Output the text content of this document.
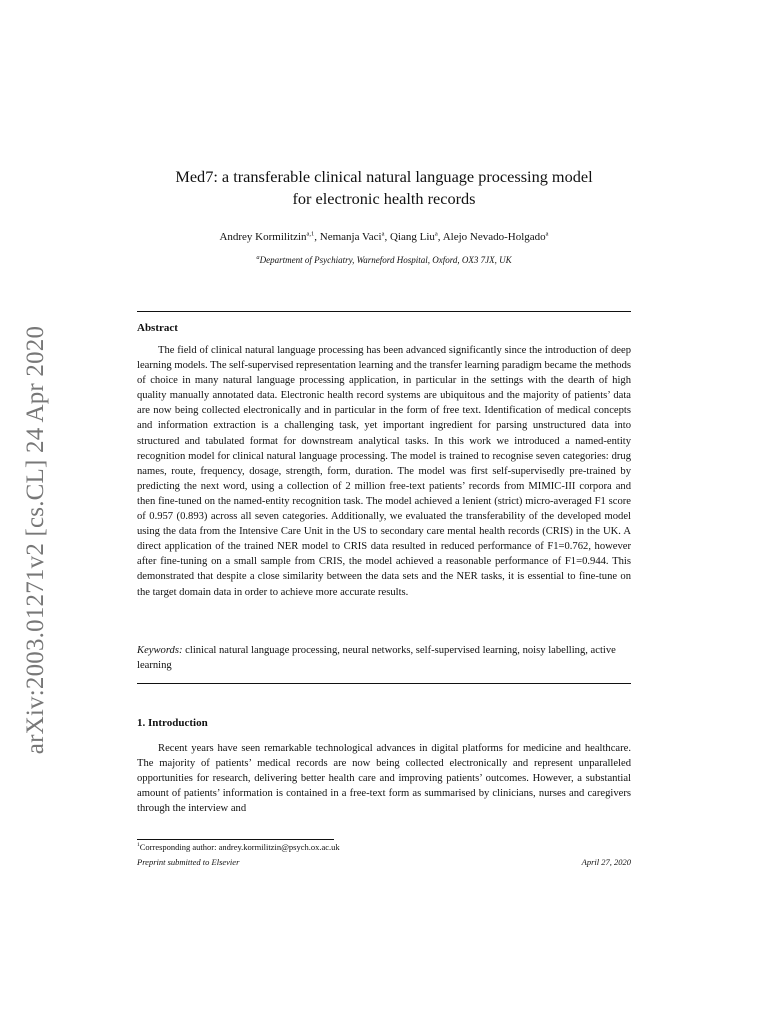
arXiv:2003.01271v2 [cs.CL] 24 Apr 2020
Med7: a transferable clinical natural language processing model
for electronic health records
Andrey Kormilitzin$^{a,1}$, Nemanja Vaci$^a$, Qiang Liu$^a$, Alejo Nevado-Holgado$^a$
$^a$Department of Psychiatry, Warneford Hospital, Oxford, OX3 7JX, UK
Abstract

The field of clinical natural language processing has been advanced significantly since the introduction of deep learning models. The self-supervised representation learning and the transfer learning paradigm became the methods of choice in many natural language processing application, in particular in the settings with the dearth of high quality manually annotated data. Electronic health record systems are ubiquitous and the majority of patients’ data are now being collected electronically and in particular in the form of free text. Identification of medical concepts and information extraction is a challenging task, yet important ingredient for parsing unstructured data into structured and tabulated format for downstream analytical tasks. In this work we introduced a named-entity recognition model for clinical natural language processing. The model is trained to recognise seven categories: drug names, route, frequency, dosage, strength, form, duration. The model was first self-supervisedly pre-trained by predicting the next word, using a collection of 2 million free-text patients’ records from MIMIC-III corpora and then fine-tuned on the named-entity recognition task. The model achieved a lenient (strict) micro-averaged F1 score of 0.957 (0.893) across all seven categories. Additionally, we evaluated the transferability of the developed model using the data from the Intensive Care Unit in the US to secondary care mental health records (CRIS) in the UK. A direct application of the trained NER model to CRIS data resulted in reduced performance of F1=0.762, however after fine-tuning on a small sample from CRIS, the model achieved a reasonable performance of F1=0.944. This demonstrated that despite a close similarity between the data sets and the NER tasks, it is essential to fine-tune on the target domain data in order to achieve more accurate results.

Keywords: clinical natural language processing, neural networks, self-supervised learning, noisy labelling, active learning

1. Introduction

Recent years have seen remarkable technological advances in digital platforms for medicine and healthcare. The majority of patients’ medical records are now being collected electronically and represent unparalleled opportunities for research, delivering better health care and improving patients’ outcomes. However, a substantial amount of patients’ information is contained in a free-text form as summarised by clinicians, nurses and caregivers through the interview and

$^1$Corresponding author: andrey.kormilitzin@psych.ox.ac.uk
Preprint submitted to Elsevier	April 27, 2020
